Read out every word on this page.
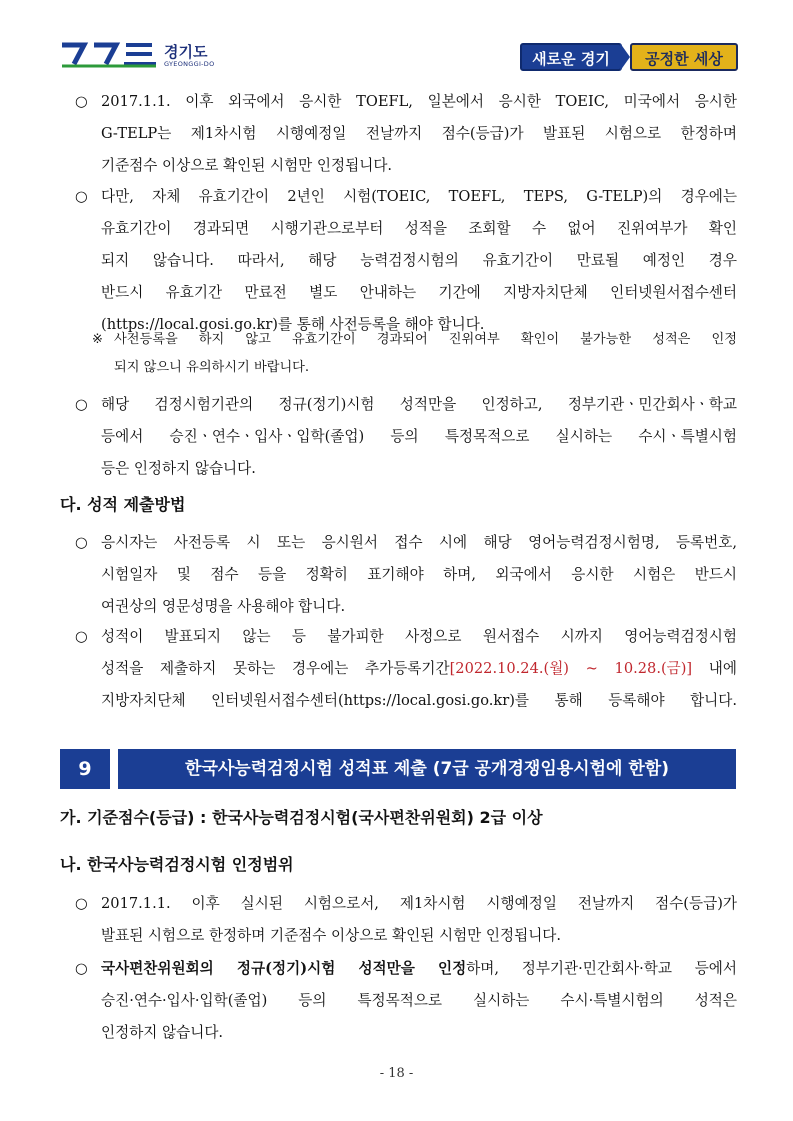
경기도
GYEONGGI-DO	새로운 경기	공정한 세상
○ 2017.1.1. 이후 외국에서 응시한 TOEFL, 일본에서 응시한 TOEIC, 미국에서 응시한
G-TELP는 제1차시험 시행예정일 전날까지 점수(등급)가 발표된 시험으로 한정하며
기준점수 이상으로 확인된 시험만 인정됩니다.
○ 다만, 자체 유효기간이 2년인 시험(TOEIC, TOEFL, TEPS, G-TELP)의 경우에는
유효기간이 경과되면 시행기관으로부터 성적을 조회할 수 없어 진위여부가 확인
되지 않습니다. 따라서, 해당 능력검정시험의 유효기간이 만료될 예정인 경우
반드시 유효기간 만료전 별도 안내하는 기간에 지방자치단체 인터넷원서접수센터
(https://local.gosi.go.kr)를 통해 사전등록을 해야 합니다.
※ 사전등록을 하지 않고 유효기간이 경과되어 진위여부 확인이 불가능한 성적은 인정
되지 않으니 유의하시기 바랍니다.
○ 해당 검정시험기관의 정규(정기)시험 성적만을 인정하고, 정부기관ㆍ민간회사ㆍ학교
등에서 승진ㆍ연수ㆍ입사ㆍ입학(졸업) 등의 특정목적으로 실시하는 수시ㆍ특별시험
등은 인정하지 않습니다.
다. 성적 제출방법
○ 응시자는 사전등록 시 또는 응시원서 접수 시에 해당 영어능력검정시험명, 등록번호,
시험일자 및 점수 등을 정확히 표기해야 하며, 외국에서 응시한 시험은 반드시
여권상의 영문성명을 사용해야 합니다.
○ 성적이 발표되지 않는 등 불가피한 사정으로 원서접수 시까지 영어능력검정시험
성적을 제출하지 못하는 경우에는 추가등록기간[2022.10.24.(월) ~ 10.28.(금)] 내에
지방자치단체 인터넷원서접수센터(https://local.gosi.go.kr)를 통해 등록해야 합니다.
9	한국사능력검정시험 성적표 제출 (7급 공개경쟁임용시험에 한함)
가. 기준점수(등급) : 한국사능력검정시험(국사편찬위원회) 2급 이상
나. 한국사능력검정시험 인정범위
○ 2017.1.1. 이후 실시된 시험으로서, 제1차시험 시행예정일 전날까지 점수(등급)가
발표된 시험으로 한정하며 기준점수 이상으로 확인된 시험만 인정됩니다.
○ 국사편찬위원회의 정규(정기)시험 성적만을 인정하며, 정부기관·민간회사·학교 등에서
승진·연수·입사·입학(졸업) 등의 특정목적으로 실시하는 수시·특별시험의 성적은
인정하지 않습니다.
- 18 -
